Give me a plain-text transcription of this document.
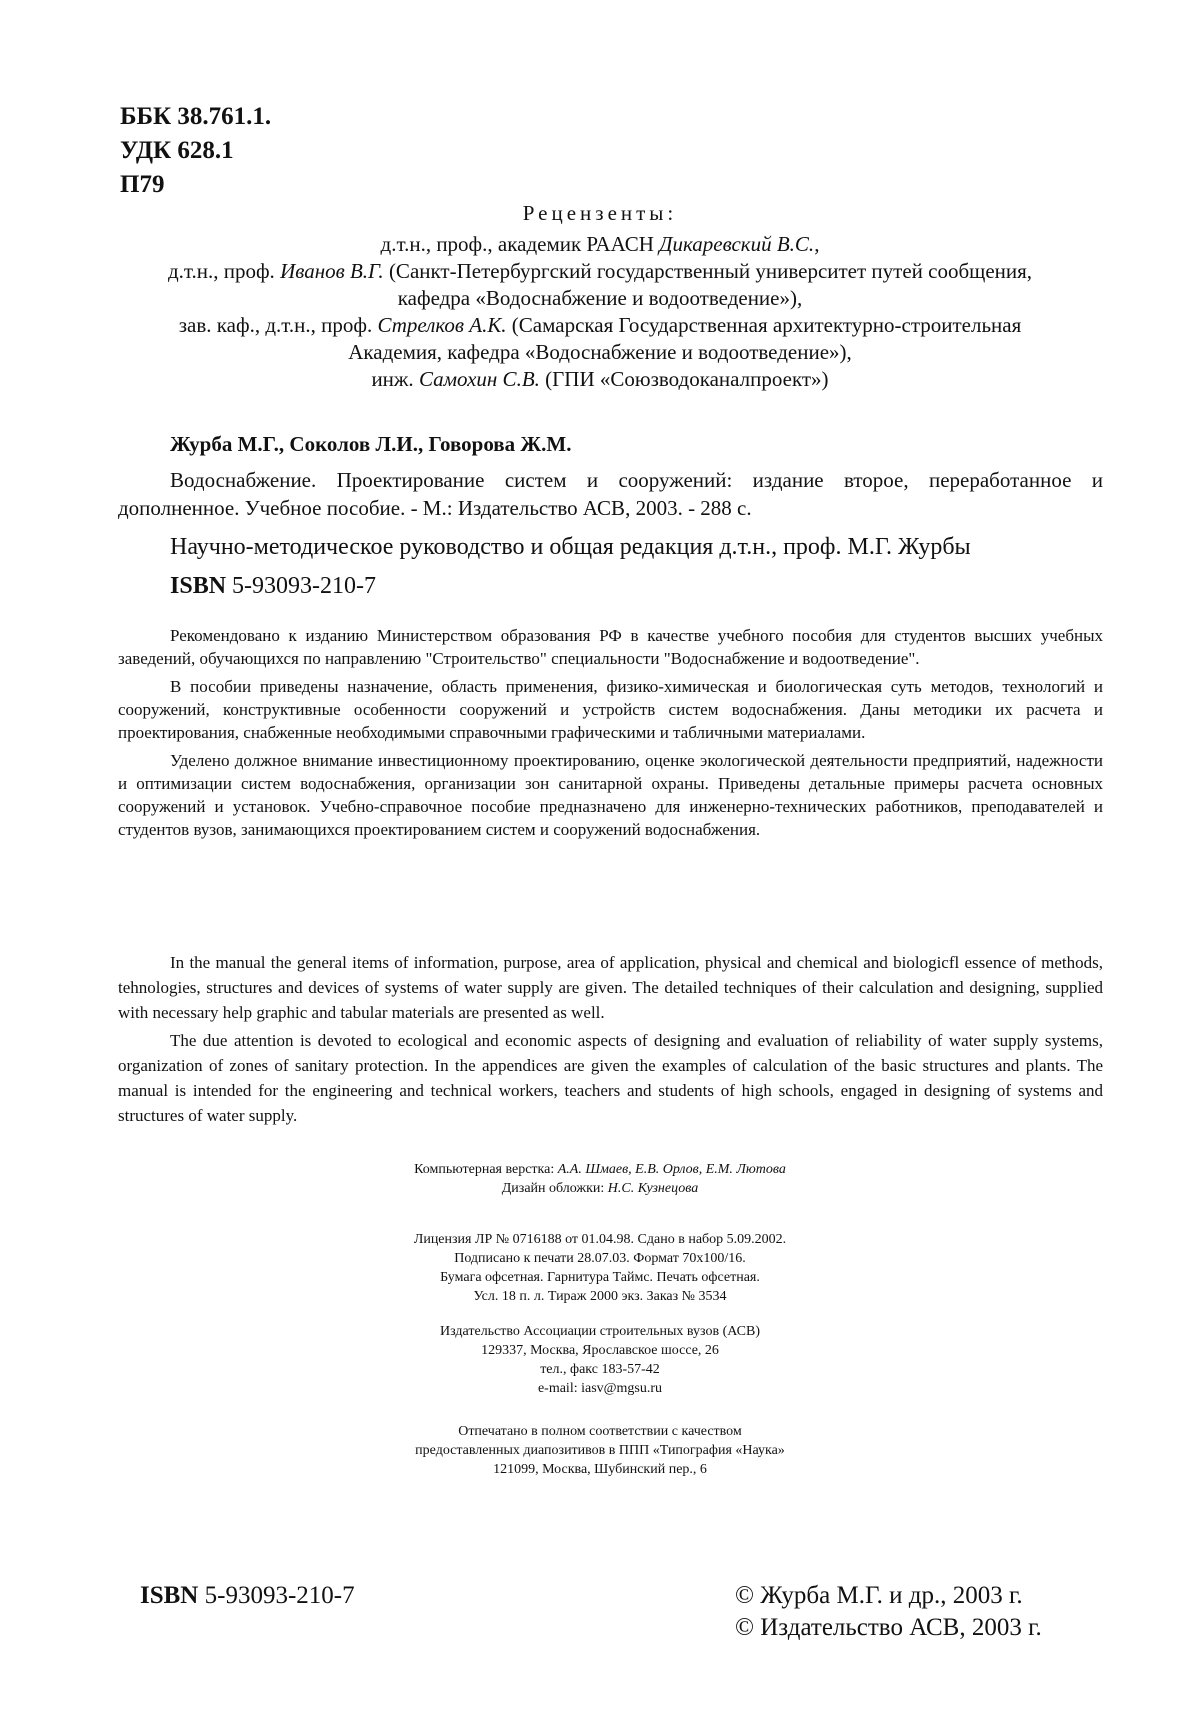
ББК 38.761.1.
УДК 628.1
П79
Рецензенты:
д.т.н., проф., академик РААСН Дикаревский В.С.,
д.т.н., проф. Иванов В.Г. (Санкт-Петербургский государственный университет путей сообщения,
кафедра «Водоснабжение и водоотведение»),
зав. каф., д.т.н., проф. Стрелков А.К. (Самарская Государственная архитектурно-строительная
Академия, кафедра «Водоснабжение и водоотведение»),
инж. Самохин С.В. (ГПИ «Союзводоканалпроект»)
Журба М.Г., Соколов Л.И., Говорова Ж.М.

Водоснабжение. Проектирование систем и сооружений: издание второе, переработанное и дополненное. Учебное пособие. - М.: Издательство АСВ, 2003. - 288 с.

Научно-методическое руководство и общая редакция д.т.н., проф. М.Г. Журбы
ISBN 5-93093-210-7

Рекомендовано к изданию Министерством образования РФ в качестве учебного пособия для студентов высших учебных заведений, обучающихся по направлению "Строительство" специальности "Водоснабжение и водоотведение".

В пособии приведены назначение, область применения, физико-химическая и биологическая суть методов, технологий и сооружений, конструктивные особенности сооружений и устройств систем водоснабжения. Даны методики их расчета и проектирования, снабженные необходимыми справочными графическими и табличными материалами.

Уделено должное внимание инвестиционному проектированию, оценке экологической деятельности предприятий, надежности и оптимизации систем водоснабжения, организации зон санитарной охраны. Приведены детальные примеры расчета основных сооружений и установок. Учебно-справочное пособие предназначено для инженерно-технических работников, преподавателей и студентов вузов, занимающихся проектированием систем и сооружений водоснабжения.

In the manual the general items of information, purpose, area of application, physical and chemical and biologicfl essence of methods, tehnologies, structures and devices of systems of water supply are given. The detailed techniques of their calculation and designing, supplied with necessary help graphic and tabular materials are presented as well.

The due attention is devoted to ecological and economic aspects of designing and evaluation of reliability of water supply systems, organization of zones of sanitary protection. In the appendices are given the examples of calculation of the basic structures and plants. The manual is intended for the engineering and technical workers, teachers and students of high schools, engaged in designing of systems and structures of water supply.

Компьютерная верстка: А.А. Шмаев, Е.В. Орлов, Е.М. Лютова
Дизайн обложки: Н.С. Кузнецова
Лицензия ЛР № 0716188 от 01.04.98. Сдано в набор 5.09.2002.
Подписано к печати 28.07.03. Формат 70x100/16.
Бумага офсетная. Гарнитура Таймс. Печать офсетная.
Усл. 18 п. л. Тираж 2000 экз. Заказ № 3534
Издательство Ассоциации строительных вузов (АСВ)
129337, Москва, Ярославское шоссе, 26
тел., факс 183-57-42
e-mail: iasv@mgsu.ru
Отпечатано в полном соответствии с качеством
предоставленных диапозитивов в ППП «Типография «Наука»
121099, Москва, Шубинский пер., 6
ISBN 5-93093-210-7	© Журба М.Г. и др., 2003 г.
© Издательство АСВ, 2003 г.
